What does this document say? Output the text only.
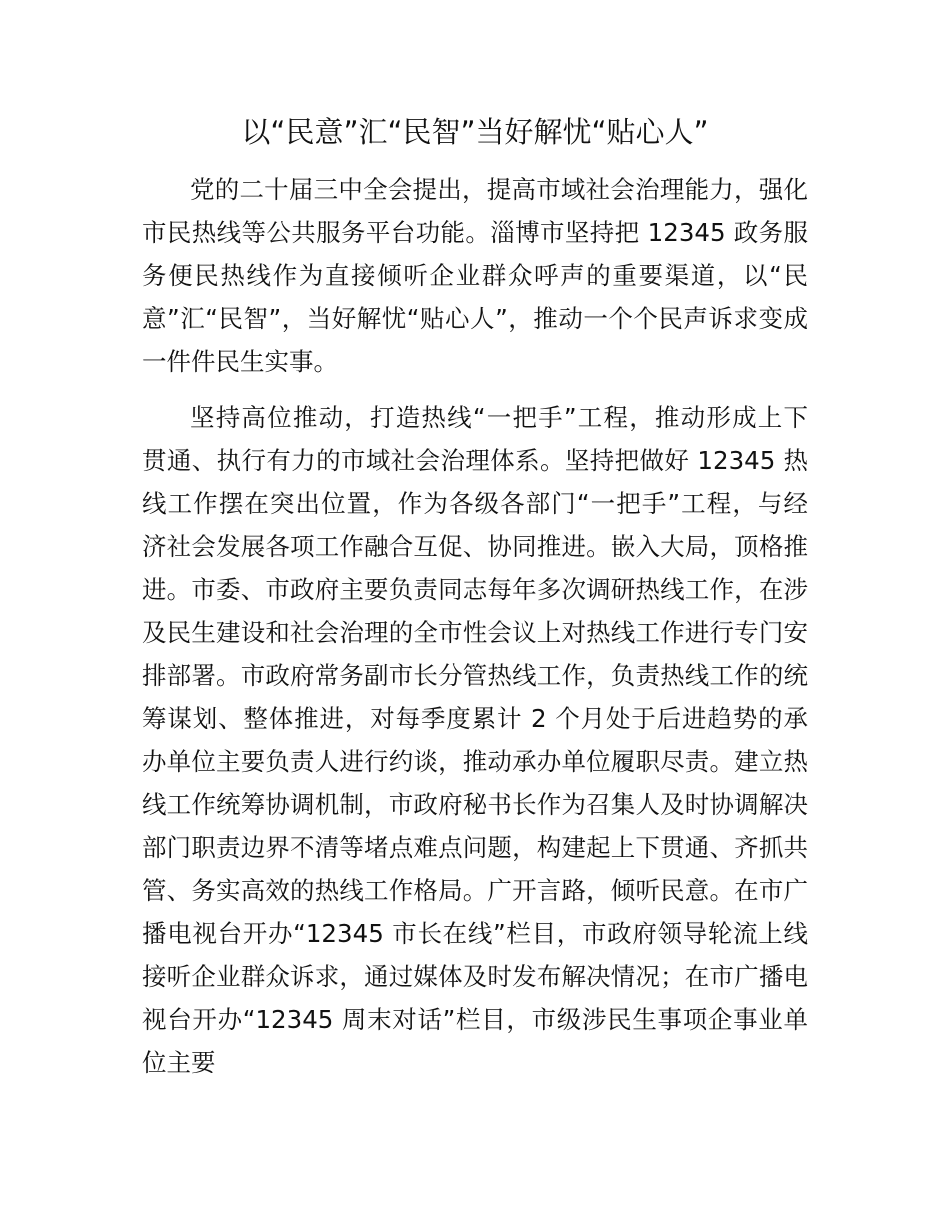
以“民意”汇“民智”当好解忧“贴心人”
党的二十届三中全会提出，提高市域社会治理能力，强化
市民热线等公共服务平台功能。淄博市坚持把 12345 政务服
务便民热线作为直接倾听企业群众呼声的重要渠道，以“民
意”汇“民智”，当好解忧“贴心人”，推动一个个民声诉求变成
一件件民生实事。
坚持高位推动，打造热线“一把手”工程，推动形成上下
贯通、执行有力的市域社会治理体系。坚持把做好 12345 热
线工作摆在突出位置，作为各级各部门“一把手”工程，与经
济社会发展各项工作融合互促、协同推进。嵌入大局，顶格推
进。市委、市政府主要负责同志每年多次调研热线工作，在涉
及民生建设和社会治理的全市性会议上对热线工作进行专门安
排部署。市政府常务副市长分管热线工作，负责热线工作的统
筹谋划、整体推进，对每季度累计 2 个月处于后进趋势的承
办单位主要负责人进行约谈，推动承办单位履职尽责。建立热
线工作统筹协调机制，市政府秘书长作为召集人及时协调解决
部门职责边界不清等堵点难点问题，构建起上下贯通、齐抓共
管、务实高效的热线工作格局。广开言路，倾听民意。在市广
播电视台开办“12345 市长在线”栏目，市政府领导轮流上线
接听企业群众诉求，通过媒体及时发布解决情况；在市广播电
视台开办“12345 周末对话”栏目，市级涉民生事项企事业单
位主要
